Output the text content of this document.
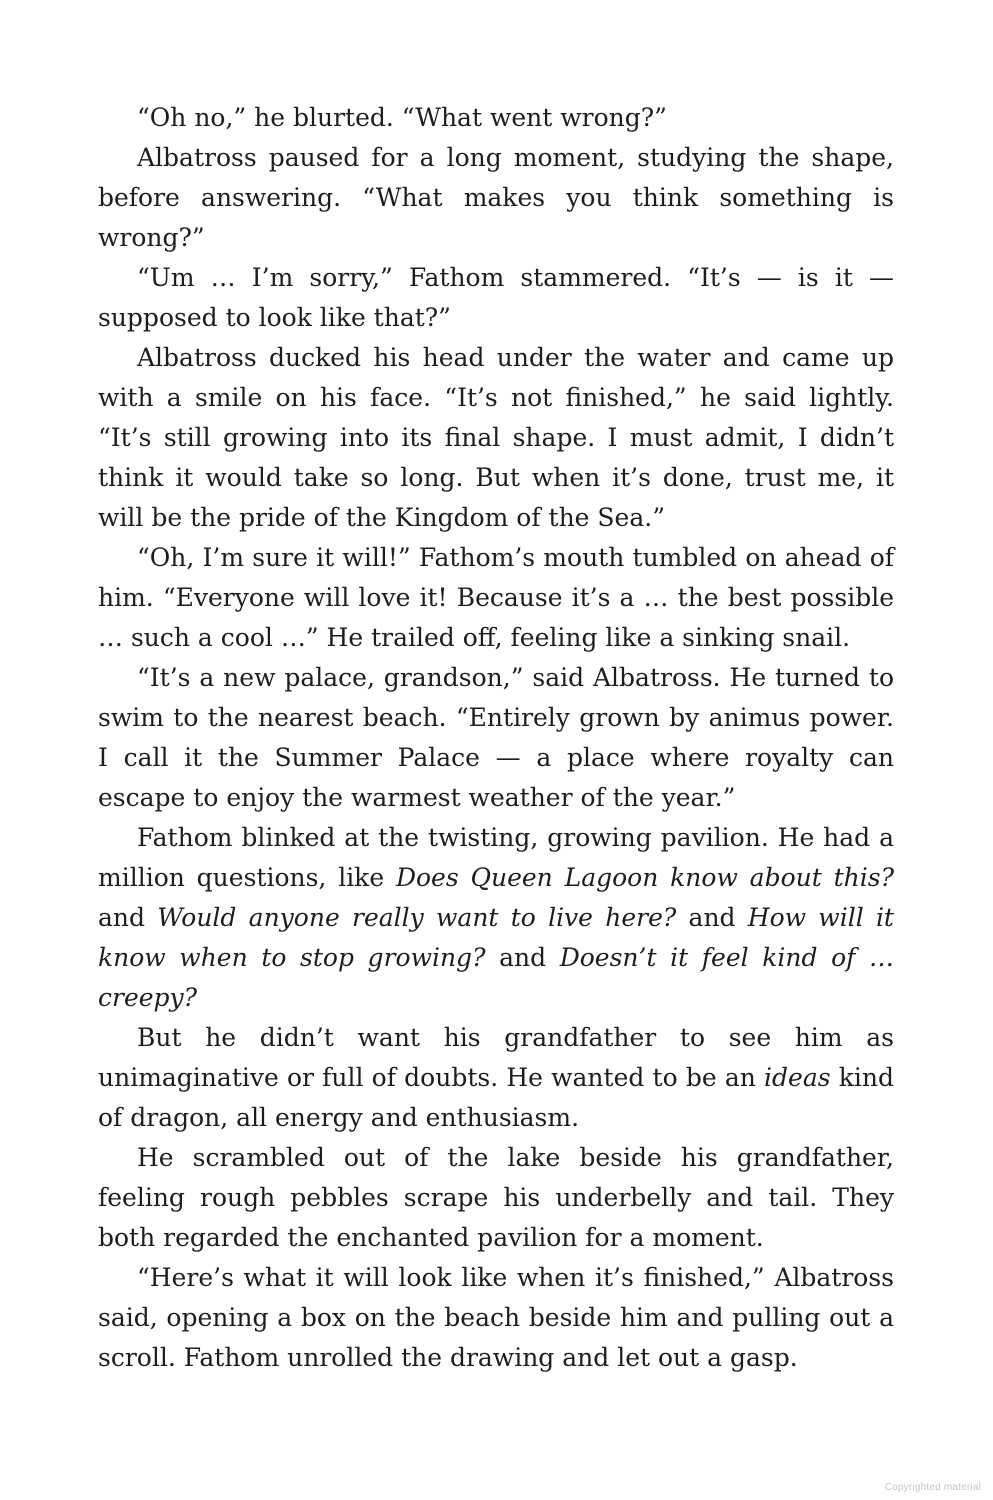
“Oh no,” he blurted. “What went wrong?”

Albatross paused for a long moment, studying the shape, before answering. “What makes you think something is wrong?”

“Um … I’m sorry,” Fathom stammered. “It’s — is it — supposed to look like that?”

Albatross ducked his head under the water and came up with a smile on his face. “It’s not finished,” he said lightly. “It’s still growing into its final shape. I must admit, I didn’t think it would take so long. But when it’s done, trust me, it will be the pride of the Kingdom of the Sea.”

“Oh, I’m sure it will!” Fathom’s mouth tumbled on ahead of him. “Everyone will love it! Because it’s a … the best possible … such a cool …” He trailed off, feeling like a sinking snail.

“It’s a new palace, grandson,” said Albatross. He turned to swim to the nearest beach. “Entirely grown by animus power. I call it the Summer Palace — a place where royalty can escape to enjoy the warmest weather of the year.”

Fathom blinked at the twisting, growing pavilion. He had a million questions, like Does Queen Lagoon know about this? and Would anyone really want to live here? and How will it know when to stop growing? and Doesn’t it feel kind of … creepy?

But he didn’t want his grandfather to see him as unimaginative or full of doubts. He wanted to be an ideas kind of dragon, all energy and enthusiasm.

He scrambled out of the lake beside his grandfather, feeling rough pebbles scrape his underbelly and tail. They both regarded the enchanted pavilion for a moment.

“Here’s what it will look like when it’s finished,” Albatross said, opening a box on the beach beside him and pulling out a scroll. Fathom unrolled the drawing and let out a gasp.

Copyrighted material
